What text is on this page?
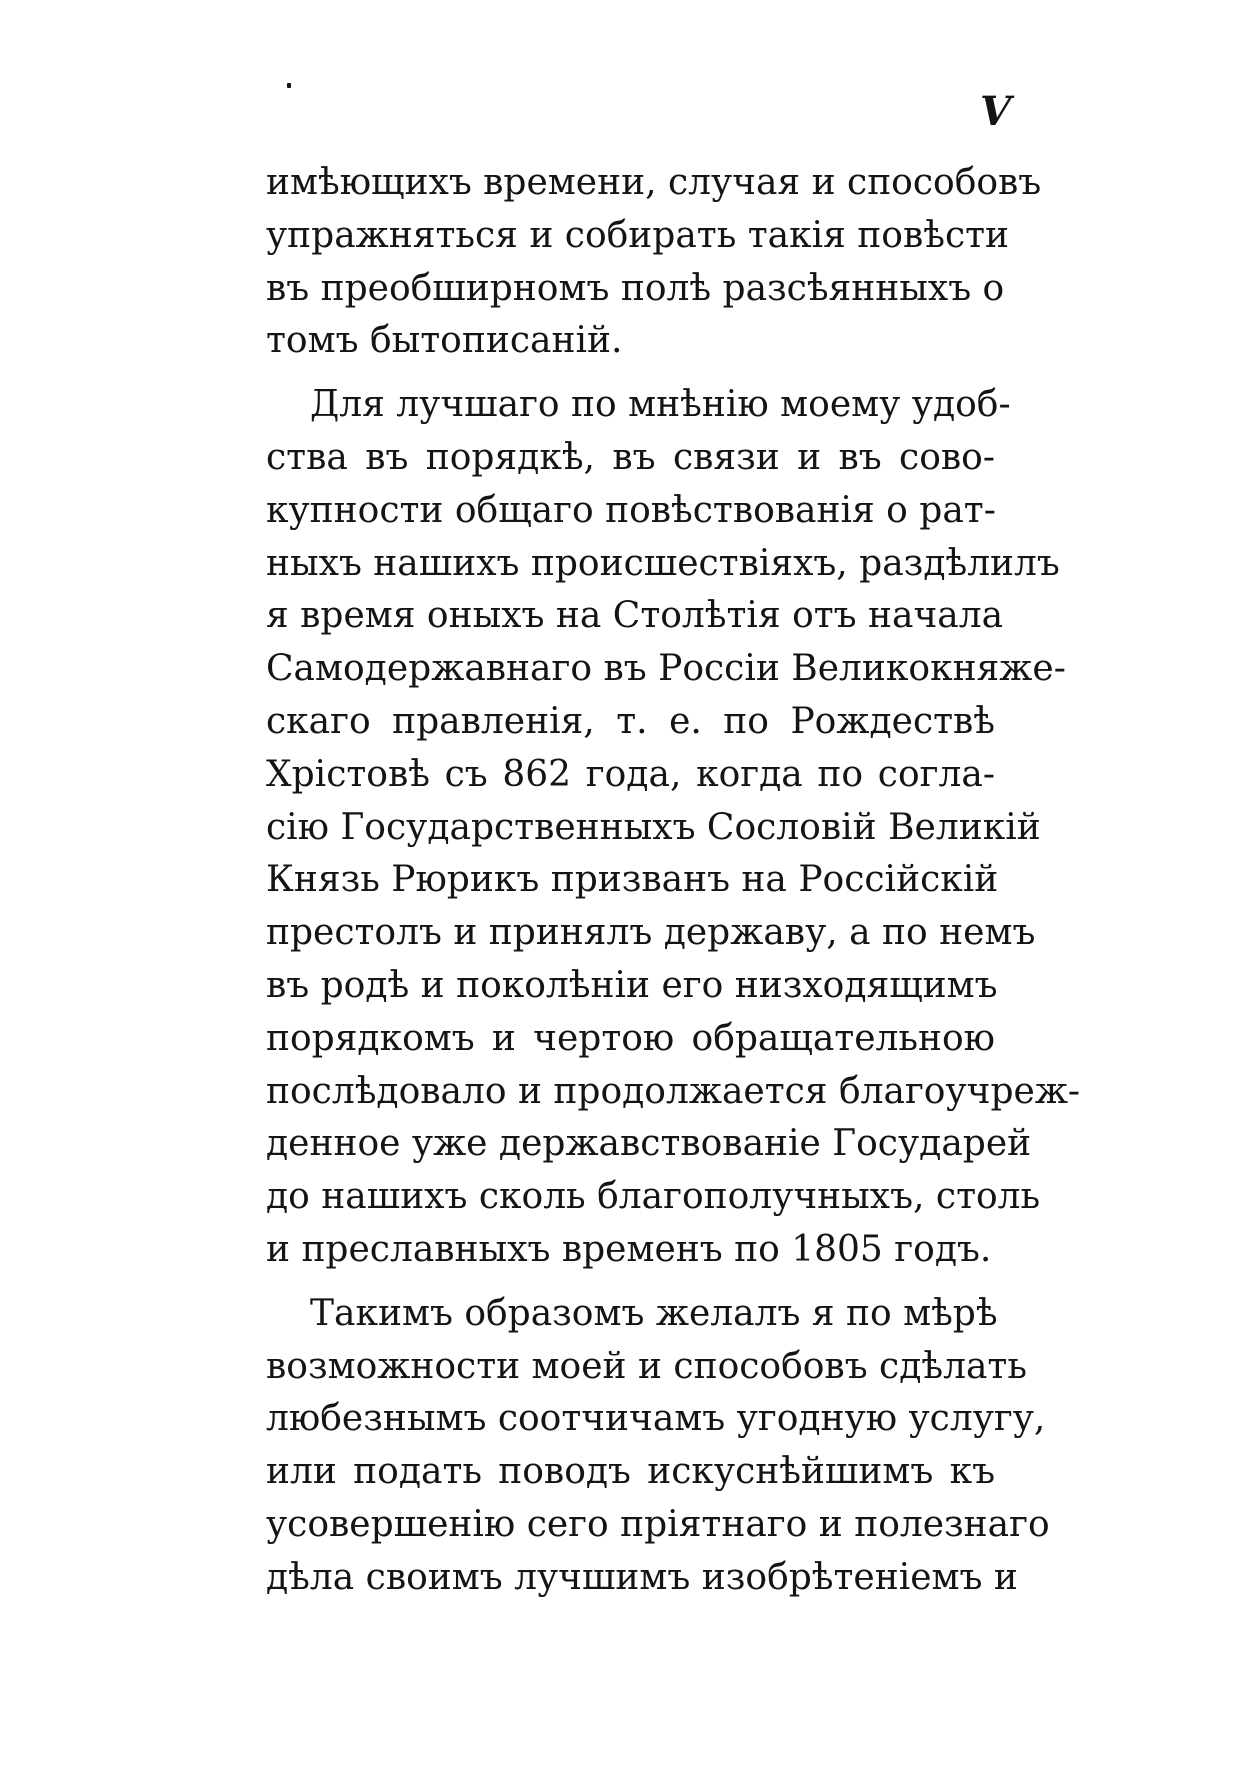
V

имѣющихъ времени, случая и способовъ
упражняться и собирать такія повѣсти
въ преобширномъ полѣ разсѣянныхъ о
томъ бытописаній.

Для лучшаго по мнѣнію моему удоб-
ства въ порядкѣ, въ связи и въ сово-
купности общаго повѣствованія о рат-
ныхъ нашихъ происшествіяхъ, раздѣлилъ
я время оныхъ на Столѣтія отъ начала
Самодержавнаго въ Россіи Великокняже-
скаго правленія, т. е. по Рождествѣ
Хрістовѣ съ 862 года, когда по согла-
сію Государственныхъ Сословій Великій
Князь Рюрикъ призванъ на Россійскій
престолъ и принялъ державу, а по немъ
въ родѣ и поколѣніи его низходящимъ
порядкомъ и чертою обращательною
послѣдовало и продолжается благоучреж-
денное уже державствованіе Государей
до нашихъ сколь благополучныхъ, столь
и преславныхъ временъ по 1805 годъ.

Такимъ образомъ желалъ я по мѣрѣ
возможности моей и способовъ сдѣлать
любезнымъ соотчичамъ угодную услугу,
или подать поводъ искуснѣйшимъ къ
усовершенію сего пріятнаго и полезнаго
дѣла своимъ лучшимъ изобрѣтеніемъ и
